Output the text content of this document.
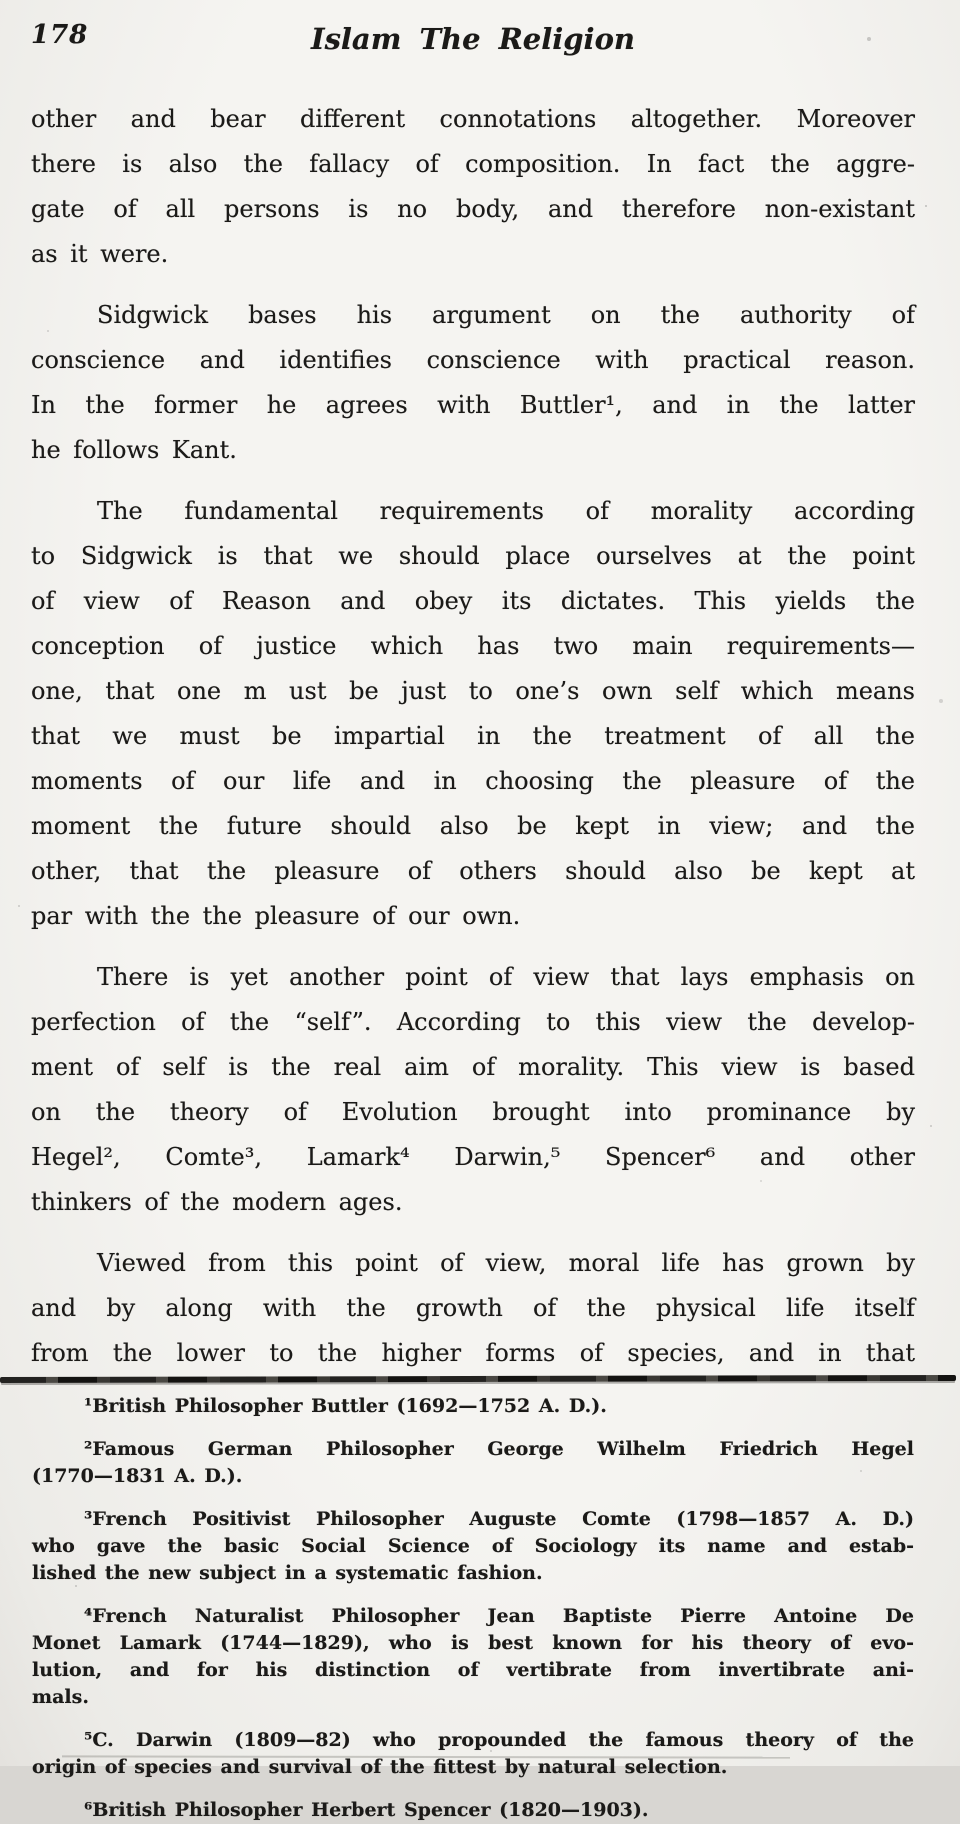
178	Islam The Religion
other and bear different connotations altogether. Moreover
there is also the fallacy of composition. In fact the aggre-
gate of all persons is no body, and therefore non-existant
as it were.
Sidgwick bases his argument on the authority of
conscience and identifies conscience with practical reason.
In the former he agrees with Buttler¹, and in the latter
he follows Kant.
The fundamental requirements of morality according
to Sidgwick is that we should place ourselves at the point
of view of Reason and obey its dictates. This yields the
conception of justice which has two main requirements—
one, that one m ust be just to one’s own self which means
that we must be impartial in the treatment of all the
moments of our life and in choosing the pleasure of the
moment the future should also be kept in view; and the
other, that the pleasure of others should also be kept at
par with the the pleasure of our own.
There is yet another point of view that lays emphasis on
perfection of the “self”. According to this view the develop-
ment of self is the real aim of morality. This view is based
on the theory of Evolution brought into prominance by
Hegel², Comte³, Lamark⁴ Darwin,⁵ Spencer⁶ and other
thinkers of the modern ages.
Viewed from this point of view, moral life has grown by
and by along with the growth of the physical life itself
from the lower to the higher forms of species, and in that
¹British Philosopher Buttler (1692—1752 A. D.).
²Famous German Philosopher George Wilhelm Friedrich Hegel
(1770—1831 A. D.).
³French Positivist Philosopher Auguste Comte (1798—1857 A. D.)
who gave the basic Social Science of Sociology its name and estab-
lished the new subject in a systematic fashion.
⁴French Naturalist Philosopher Jean Baptiste Pierre Antoine De
Monet Lamark (1744—1829), who is best known for his theory of evo-
lution, and for his distinction of vertibrate from invertibrate ani-
mals.
⁵C. Darwin (1809—82) who propounded the famous theory of the
origin of species and survival of the fittest by natural selection.
⁶British Philosopher Herbert Spencer (1820—1903).
